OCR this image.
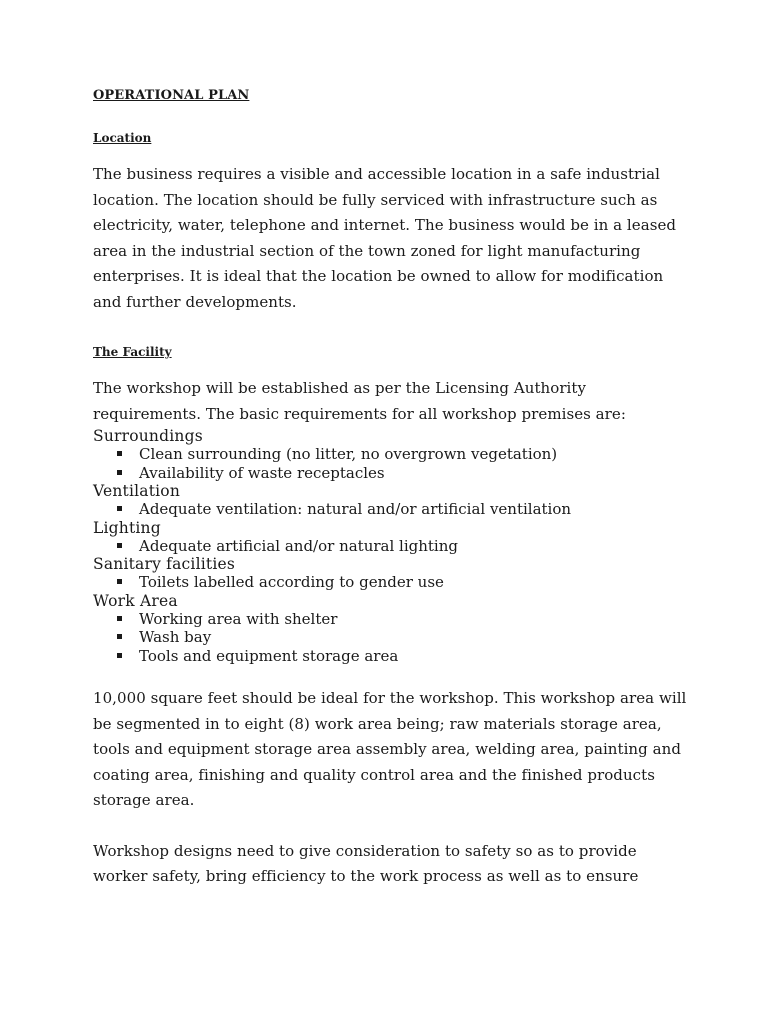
OPERATIONAL PLAN
Location

The business requires a visible and accessible location in a safe industrial location. The location should be fully serviced with infrastructure such as electricity, water, telephone and internet. The business would be in a leased area in the industrial section of the town zoned for light manufacturing enterprises. It is ideal that the location be owned to allow for modification and further developments.

The Facility

The workshop will be established as per the Licensing Authority requirements. The basic requirements for all workshop premises are:

Surroundings
Clean surrounding (no litter, no overgrown vegetation)
Availability of waste receptacles
Ventilation
Adequate ventilation: natural and/or artificial ventilation
Lighting
Adequate artificial and/or natural lighting
Sanitary facilities
Toilets labelled according to gender use
Work Area
Working area with shelter
Wash bay
Tools and equipment storage area

10,000 square feet should be ideal for the workshop. This workshop area will be segmented in to eight (8) work area being; raw materials storage area, tools and equipment storage area assembly area, welding area, painting and coating area, finishing and quality control area and the finished products storage area.

Workshop designs need to give consideration to safety so as to provide worker safety, bring efficiency to the work process as well as to ensure
